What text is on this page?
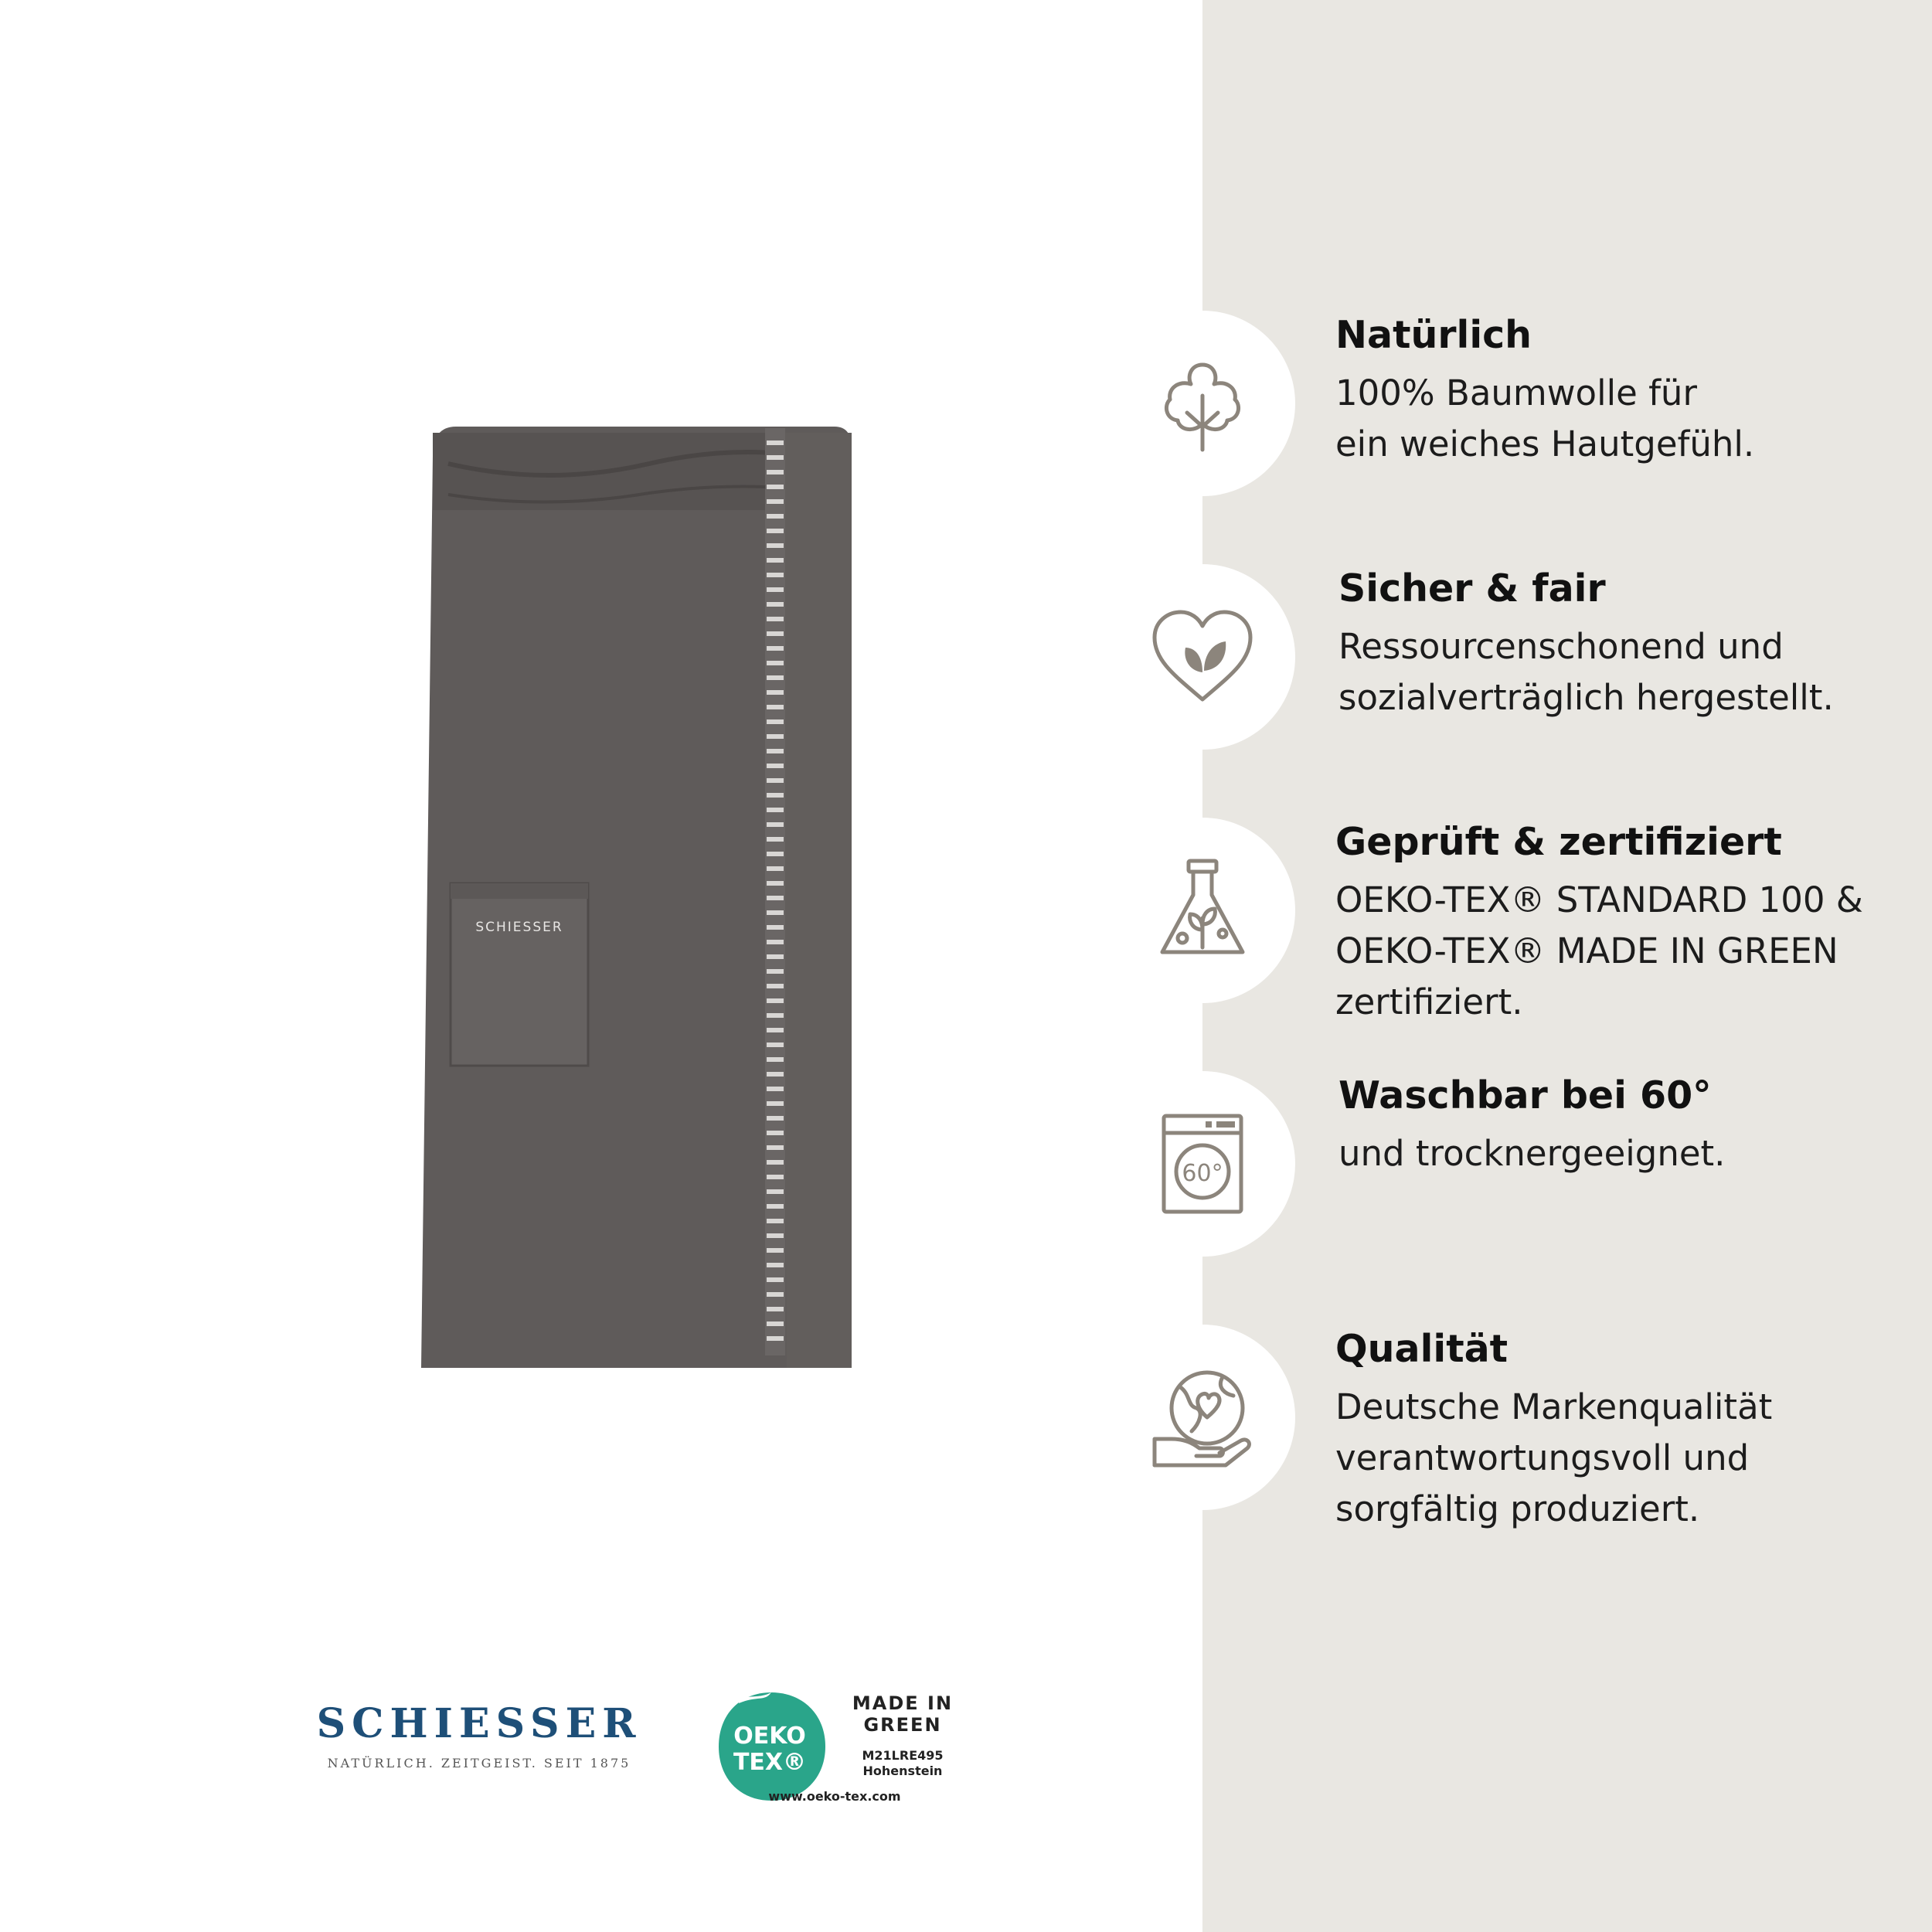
SCHIESSER
Natürlich
100% Baumwolle für
ein weiches Hautgefühl.
Sicher & fair
Ressourcenschonend und
sozialverträglich hergestellt.
Geprüft & zertifiziert
OEKO-TEX® STANDARD 100 &
OEKO-TEX® MADE IN GREEN
zertifiziert.
60°
Waschbar bei 60°
und trocknergeeignet.
Qualität
Deutsche Markenqualität
verantwortungsvoll und
sorgfältig produziert.
SCHIESSER
NATÜRLICH. ZEITGEIST. SEIT 1875
OEKO
TEX®
MADE IN
GREEN
M21LRE495
Hohenstein
www.oeko-tex.com
